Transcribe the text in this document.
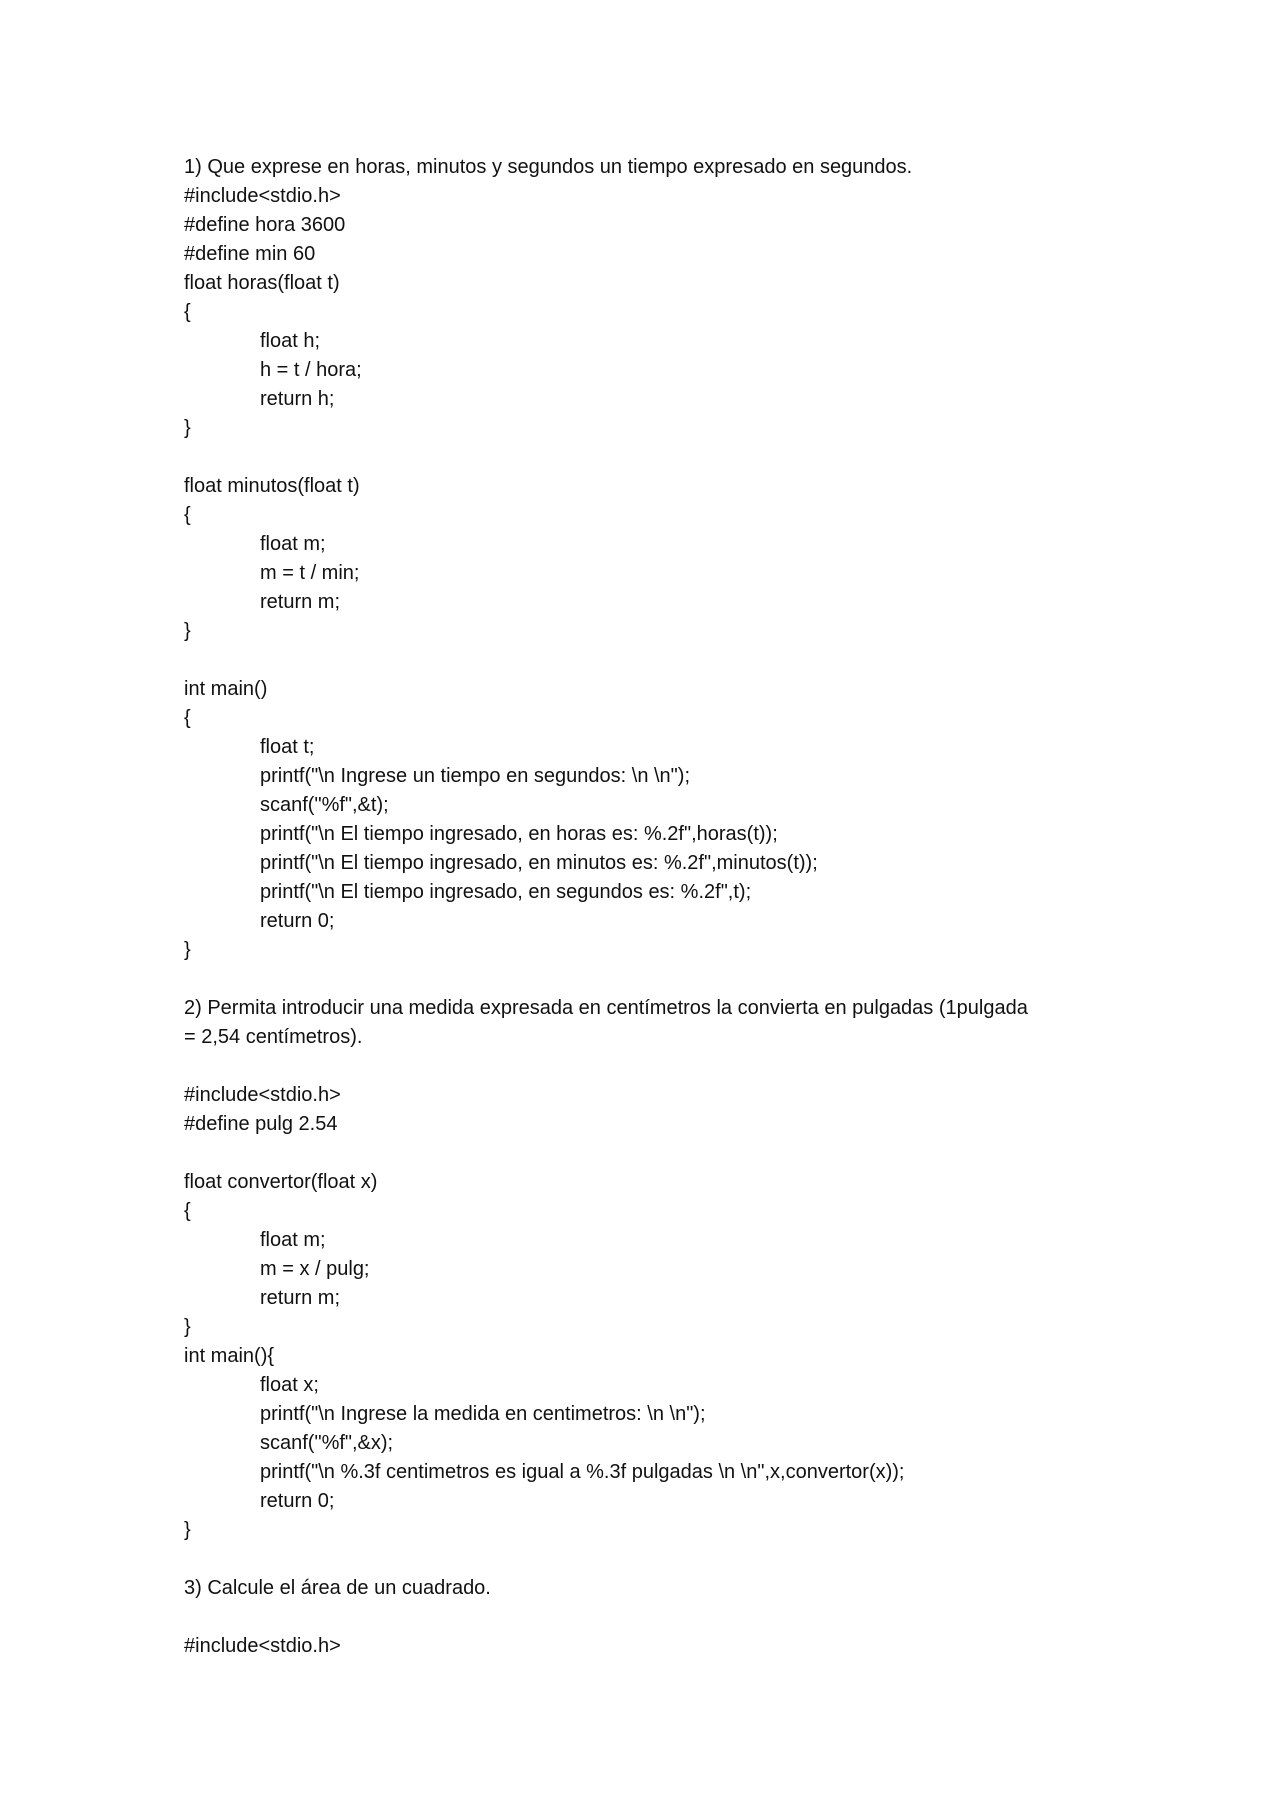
1) Que exprese en horas, minutos y segundos un tiempo expresado en segundos.
#include<stdio.h>
#define hora 3600
#define min 60
float horas(float t)
{
float h;
h = t / hora;
return h;
}
float minutos(float t)
{
float m;
m = t / min;
return m;
}
int main()
{
float t;
printf("\n Ingrese un tiempo en segundos: \n \n");
scanf("%f",&t);
printf("\n El tiempo ingresado, en horas es: %.2f",horas(t));
printf("\n El tiempo ingresado, en minutos es: %.2f",minutos(t));
printf("\n El tiempo ingresado, en segundos es: %.2f",t);
return 0;
}
2) Permita introducir una medida expresada en centímetros la convierta en pulgadas (1pulgada
= 2,54 centímetros).
#include<stdio.h>
#define pulg 2.54
float convertor(float x)
{
float m;
m = x / pulg;
return m;
}
int main(){
float x;
printf("\n Ingrese la medida en centimetros: \n \n");
scanf("%f",&x);
printf("\n %.3f centimetros es igual a %.3f pulgadas \n \n",x,convertor(x));
return 0;
}
3) Calcule el área de un cuadrado.
#include<stdio.h>
